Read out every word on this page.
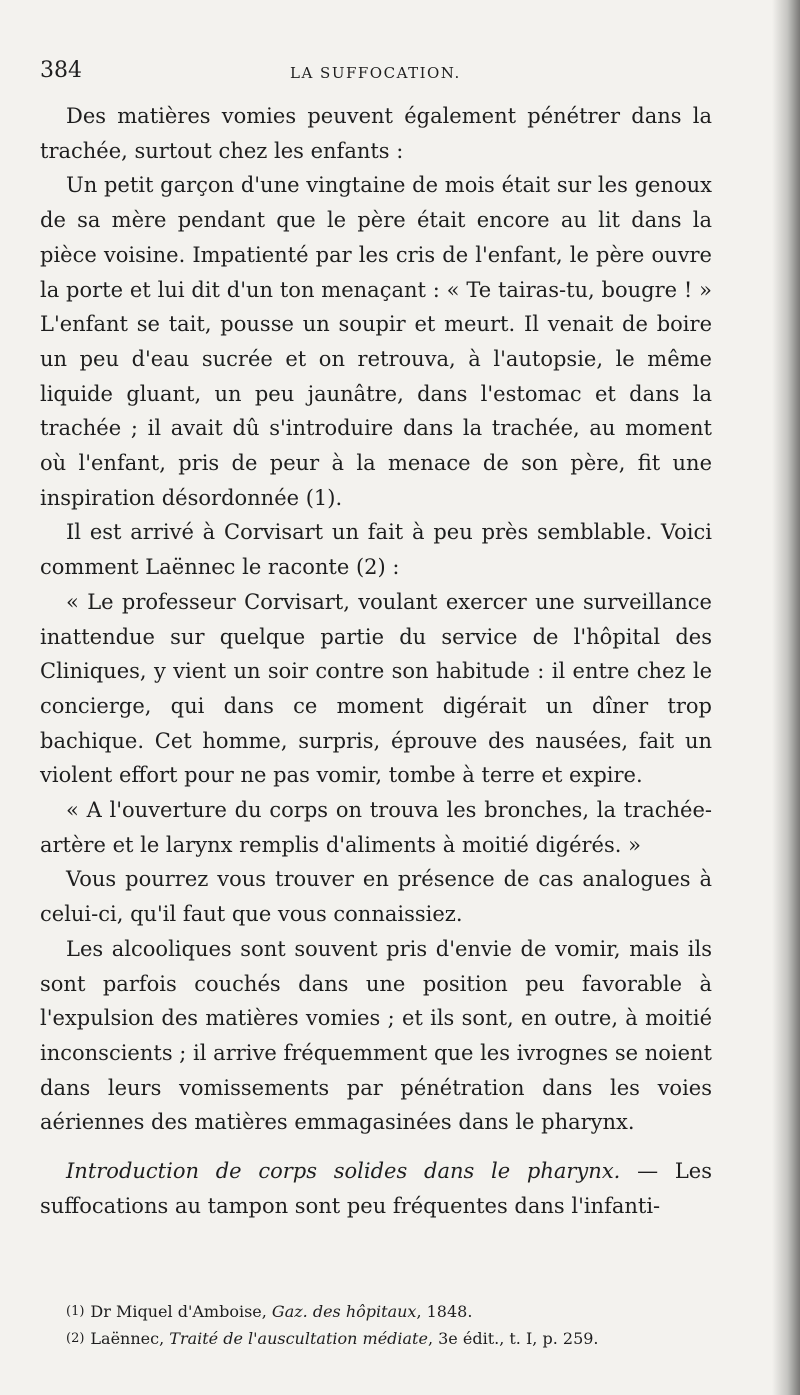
384	LA SUFFOCATION.

Des matières vomies peuvent également pénétrer dans la trachée, surtout chez les enfants :

Un petit garçon d'une vingtaine de mois était sur les genoux de sa mère pendant que le père était encore au lit dans la pièce voisine. Impatienté par les cris de l'enfant, le père ouvre la porte et lui dit d'un ton menaçant : « Te tairas-tu, bougre ! » L'enfant se tait, pousse un soupir et meurt. Il venait de boire un peu d'eau sucrée et on retrouva, à l'autopsie, le même liquide gluant, un peu jaunâtre, dans l'estomac et dans la trachée ; il avait dû s'introduire dans la trachée, au moment où l'enfant, pris de peur à la menace de son père, fit une inspiration désordonnée (1).

Il est arrivé à Corvisart un fait à peu près semblable. Voici comment Laënnec le raconte (2) :

« Le professeur Corvisart, voulant exercer une surveillance inattendue sur quelque partie du service de l'hôpital des Cliniques, y vient un soir contre son habitude : il entre chez le concierge, qui dans ce moment digérait un dîner trop bachique. Cet homme, surpris, éprouve des nausées, fait un violent effort pour ne pas vomir, tombe à terre et expire.

« A l'ouverture du corps on trouva les bronches, la trachée-artère et le larynx remplis d'aliments à moitié digérés. »

Vous pourrez vous trouver en présence de cas analogues à celui-ci, qu'il faut que vous connaissiez.

Les alcooliques sont souvent pris d'envie de vomir, mais ils sont parfois couchés dans une position peu favorable à l'expulsion des matières vomies ; et ils sont, en outre, à moitié inconscients ; il arrive fréquemment que les ivrognes se noient dans leurs vomissements par pénétration dans les voies aériennes des matières emmagasinées dans le pharynx.

Introduction de corps solides dans le pharynx. — Les suffocations au tampon sont peu fréquentes dans l'infanti-

(1) Dr Miquel d'Amboise, Gaz. des hôpitaux, 1848.

(2) Laënnec, Traité de l'auscultation médiate, 3e édit., t. I, p. 259.
